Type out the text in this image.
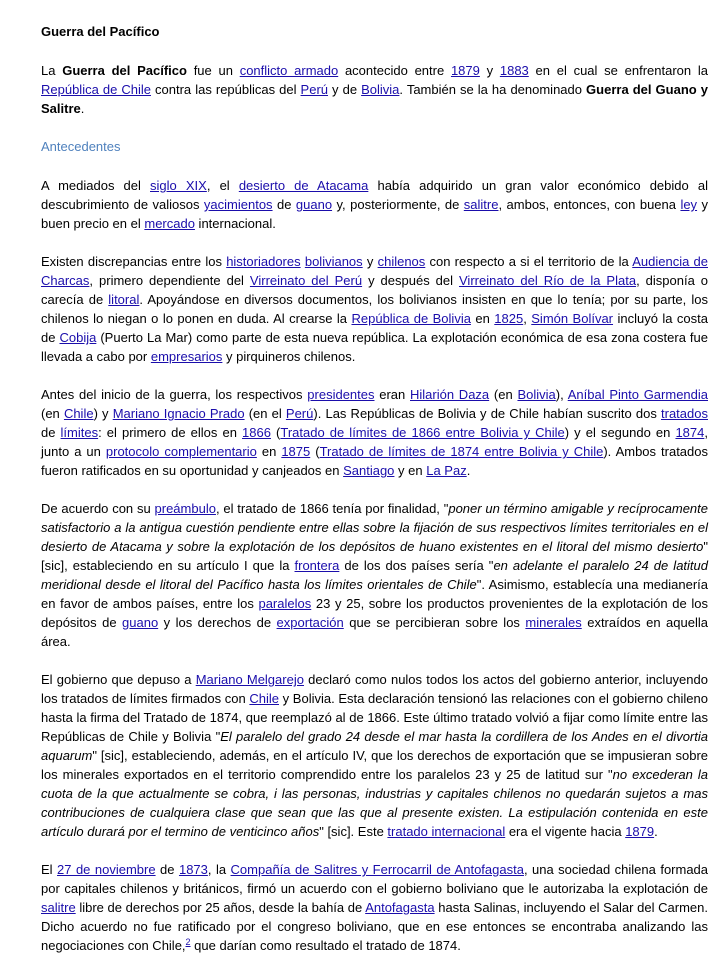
Guerra del Pacífico

La Guerra del Pacífico fue un conflicto armado acontecido entre 1879 y 1883 en el cual se enfrentaron la República de Chile contra las repúblicas del Perú y de Bolivia. También se la ha denominado Guerra del Guano y Salitre.

Antecedentes

A mediados del siglo XIX, el desierto de Atacama había adquirido un gran valor económico debido al descubrimiento de valiosos yacimientos de guano y, posteriormente, de salitre, ambos, entonces, con buena ley y buen precio en el mercado internacional.

Existen discrepancias entre los historiadores bolivianos y chilenos con respecto a si el territorio de la Audiencia de Charcas, primero dependiente del Virreinato del Perú y después del Virreinato del Río de la Plata, disponía o carecía de litoral. Apoyándose en diversos documentos, los bolivianos insisten en que lo tenía; por su parte, los chilenos lo niegan o lo ponen en duda. Al crearse la República de Bolivia en 1825, Simón Bolívar incluyó la costa de Cobija (Puerto La Mar) como parte de esta nueva república. La explotación económica de esa zona costera fue llevada a cabo por empresarios y pirquineros chilenos.

Antes del inicio de la guerra, los respectivos presidentes eran Hilarión Daza (en Bolivia), Aníbal Pinto Garmendia (en Chile) y Mariano Ignacio Prado (en el Perú). Las Repúblicas de Bolivia y de Chile habían suscrito dos tratados de límites: el primero de ellos en 1866 (Tratado de límites de 1866 entre Bolivia y Chile) y el segundo en 1874, junto a un protocolo complementario en 1875 (Tratado de límites de 1874 entre Bolivia y Chile). Ambos tratados fueron ratificados en su oportunidad y canjeados en Santiago y en La Paz.

De acuerdo con su preámbulo, el tratado de 1866 tenía por finalidad, "poner un término amigable y recíprocamente satisfactorio a la antigua cuestión pendiente entre ellas sobre la fijación de sus respectivos límites territoriales en el desierto de Atacama y sobre la explotación de los depósitos de huano existentes en el litoral del mismo desierto" [sic], estableciendo en su artículo I que la frontera de los dos países sería "en adelante el paralelo 24 de latitud meridional desde el litoral del Pacífico hasta los límites orientales de Chile". Asimismo, establecía una medianería en favor de ambos países, entre los paralelos 23 y 25, sobre los productos provenientes de la explotación de los depósitos de guano y los derechos de exportación que se percibieran sobre los minerales extraídos en aquella área.

El gobierno que depuso a Mariano Melgarejo declaró como nulos todos los actos del gobierno anterior, incluyendo los tratados de límites firmados con Chile y Bolivia. Esta declaración tensionó las relaciones con el gobierno chileno hasta la firma del Tratado de 1874, que reemplazó al de 1866. Este último tratado volvió a fijar como límite entre las Repúblicas de Chile y Bolivia "El paralelo del grado 24 desde el mar hasta la cordillera de los Andes en el divortia aquarum" [sic], estableciendo, además, en el artículo IV, que los derechos de exportación que se impusieran sobre los minerales exportados en el territorio comprendido entre los paralelos 23 y 25 de latitud sur "no excederan la cuota de la que actualmente se cobra, i las personas, industrias y capitales chilenos no quedarán sujetos a mas contribuciones de cualquiera clase que sean que las que al presente existen. La estipulación contenida en este artículo durará por el termino de venticinco años" [sic]. Este tratado internacional era el vigente hacia 1879.

El 27 de noviembre de 1873, la Compañía de Salitres y Ferrocarril de Antofagasta, una sociedad chilena formada por capitales chilenos y británicos, firmó un acuerdo con el gobierno boliviano que le autorizaba la explotación de salitre libre de derechos por 25 años, desde la bahía de Antofagasta hasta Salinas, incluyendo el Salar del Carmen. Dicho acuerdo no fue ratificado por el congreso boliviano, que en ese entonces se encontraba analizando las negociaciones con Chile,$^2$ que darían como resultado el tratado de 1874.
